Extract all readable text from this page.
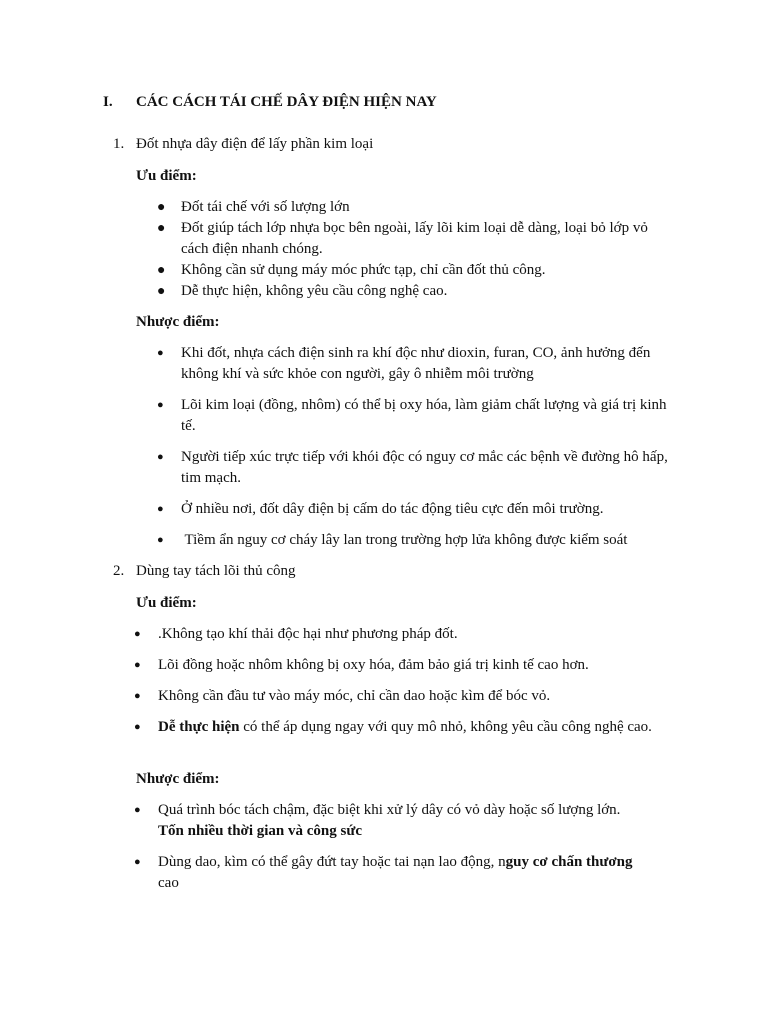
I. CÁC CÁCH TÁI CHẾ DÂY ĐIỆN HIỆN NAY
1. Đốt nhựa dây điện để lấy phần kim loại
Ưu điểm:
● Đốt tái chế với số lượng lớn
● Đốt giúp tách lớp nhựa bọc bên ngoài, lấy lõi kim loại dễ dàng, loại bỏ lớp vỏ cách điện nhanh chóng.
● Không cần sử dụng máy móc phức tạp, chỉ cần đốt thủ công.
● Dễ thực hiện, không yêu cầu công nghệ cao.
Nhược điểm:
● Khi đốt, nhựa cách điện sinh ra khí độc như dioxin, furan, CO, ảnh hưởng đến không khí và sức khỏe con người, gây ô nhiễm môi trường
● Lõi kim loại (đồng, nhôm) có thể bị oxy hóa, làm giảm chất lượng và giá trị kinh tế.
● Người tiếp xúc trực tiếp với khói độc có nguy cơ mắc các bệnh về đường hô hấp, tim mạch.
● Ở nhiều nơi, đốt dây điện bị cấm do tác động tiêu cực đến môi trường.
● Tiềm ẩn nguy cơ cháy lây lan trong trường hợp lửa không được kiểm soát
2. Dùng tay tách lõi thủ công
Ưu điểm:
● .Không tạo khí thải độc hại như phương pháp đốt.
● Lõi đồng hoặc nhôm không bị oxy hóa, đảm bảo giá trị kinh tế cao hơn.
● Không cần đầu tư vào máy móc, chỉ cần dao hoặc kìm để bóc vỏ.
● Dễ thực hiện có thể áp dụng ngay với quy mô nhỏ, không yêu cầu công nghệ cao.
Nhược điểm:
● Quá trình bóc tách chậm, đặc biệt khi xử lý dây có vỏ dày hoặc số lượng lớn.
Tốn nhiều thời gian và công sức
● Dùng dao, kìm có thể gây đứt tay hoặc tai nạn lao động, nguy cơ chấn thương
cao
